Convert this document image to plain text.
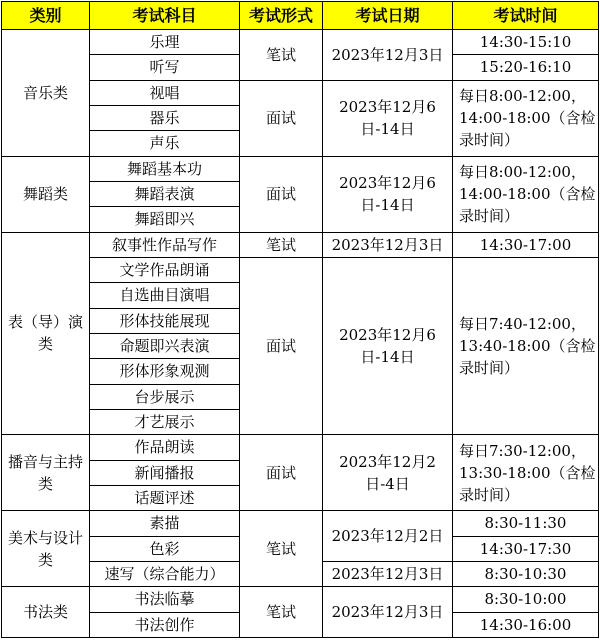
类别	考试科目	考试形式	考试日期	考试时间
音乐类	乐理	笔试	2023年12月3日	14:30-15:10
	听写			15:20-16:10
	视唱	面试	2023年12月6日-14日	每日8:00-12:00，14:00-18:00（含检录时间）
	器乐			
	声乐			
舞蹈类	舞蹈基本功	面试	2023年12月6日-14日	每日8:00-12:00，14:00-18:00（含检录时间）
	舞蹈表演			
	舞蹈即兴			
表（导）演类	叙事性作品写作	笔试	2023年12月3日	14:30-17:00
	文学作品朗诵	面试	2023年12月6日-14日	每日7:40-12:00，13:40-18:00（含检录时间）
	自选曲目演唱			
	形体技能展现			
	命题即兴表演			
	形体形象观测			
	台步展示			
	才艺展示			
播音与主持类	作品朗读	面试	2023年12月2日-4日	每日7:30-12:00，13:30-18:00（含检录时间）
	新闻播报			
	话题评述			
美术与设计类	素描	笔试	2023年12月2日	8:30-11:30
	色彩			14:30-17:30
	速写（综合能力）		2023年12月3日	8:30-10:30
书法类	书法临摹	笔试	2023年12月3日	8:30-10:00
	书法创作			14:30-16:00
